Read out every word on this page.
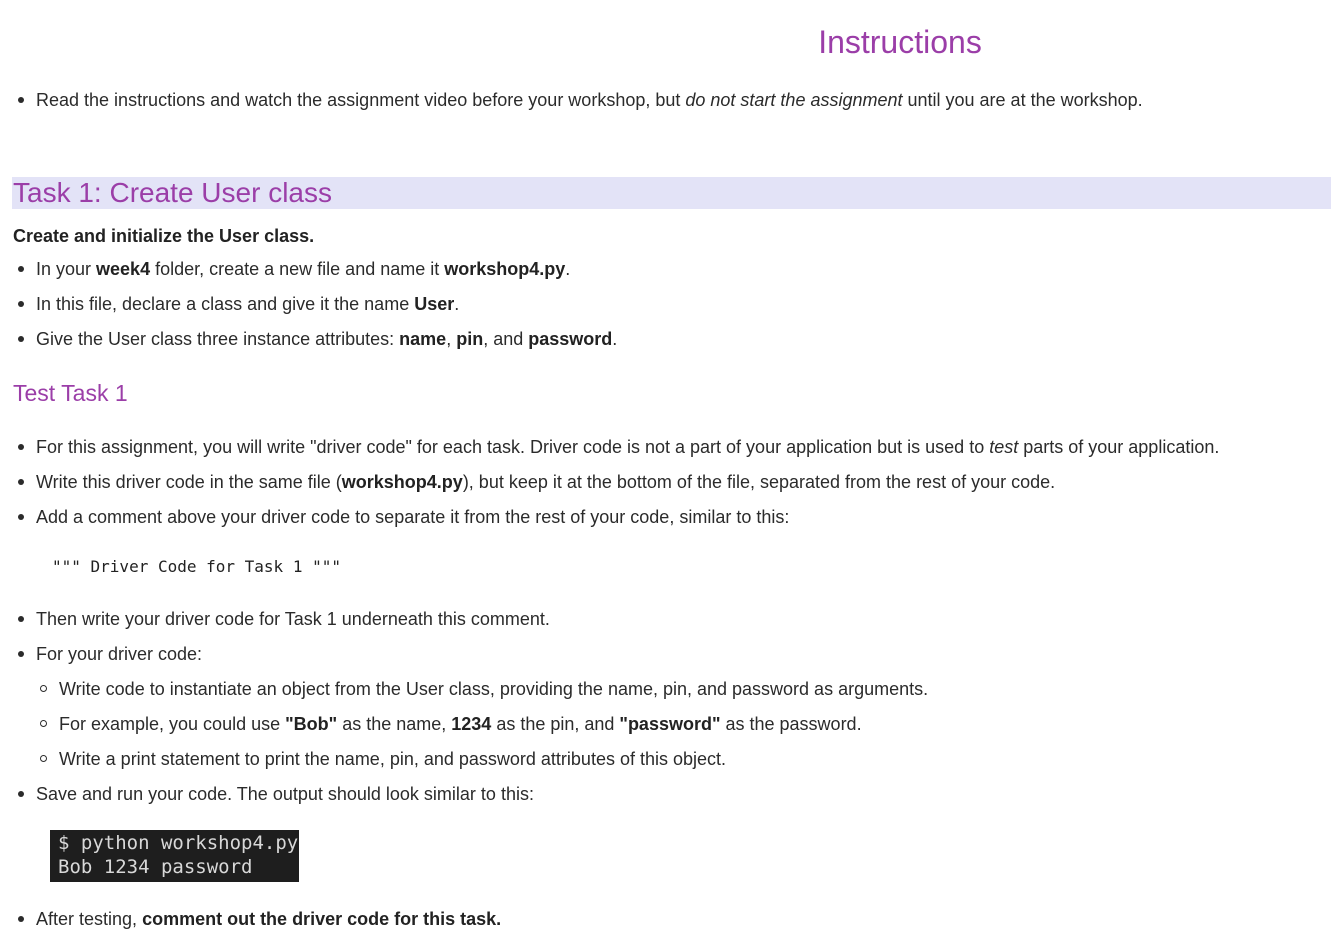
Instructions
Read the instructions and watch the assignment video before your workshop, but do not start the assignment until you are at the workshop.
Task 1: Create User class
Create and initialize the User class.
In your week4 folder, create a new file and name it workshop4.py.
In this file, declare a class and give it the name User.
Give the User class three instance attributes: name, pin, and password.
Test Task 1
For this assignment, you will write "driver code" for each task. Driver code is not a part of your application but is used to test parts of your application.
Write this driver code in the same file (workshop4.py), but keep it at the bottom of the file, separated from the rest of your code.
Add a comment above your driver code to separate it from the rest of your code, similar to this:
""" Driver Code for Task 1 """
Then write your driver code for Task 1 underneath this comment.
For your driver code:
Write code to instantiate an object from the User class, providing the name, pin, and password as arguments.
For example, you could use "Bob" as the name, 1234 as the pin, and "password" as the password.
Write a print statement to print the name, pin, and password attributes of this object.
Save and run your code. The output should look similar to this:
$ python workshop4.py
Bob 1234 password
After testing, comment out the driver code for this task.
